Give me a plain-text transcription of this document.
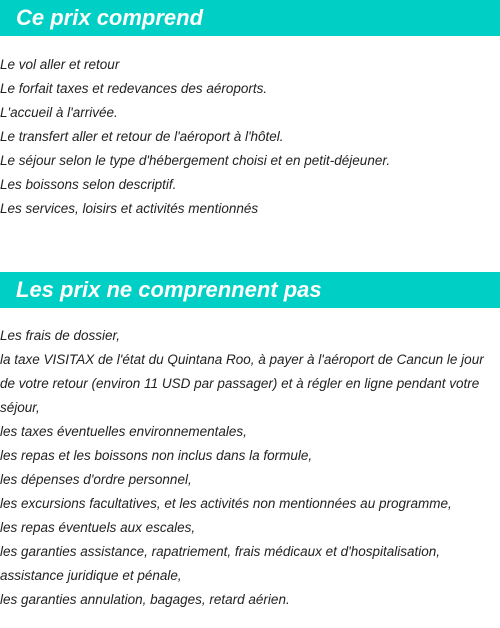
Ce prix comprend
Le vol aller et retour
Le forfait taxes et redevances des aéroports.
L'accueil à l'arrivée.
Le transfert aller et retour de l'aéroport à l'hôtel.
Le séjour selon le type d'hébergement choisi et en petit-déjeuner.
Les boissons selon descriptif.
Les services, loisirs et activités mentionnés
Les prix ne comprennent pas
Les frais de dossier,
la taxe VISITAX de l'état du Quintana Roo, à payer à l'aéroport de Cancun le jour de votre retour (environ 11 USD par passager) et à régler en ligne pendant votre séjour,
les taxes éventuelles environnementales,
les repas et les boissons non inclus dans la formule,
les dépenses d'ordre personnel,
les excursions facultatives, et les activités non mentionnées au programme,
les repas éventuels aux escales,
les garanties assistance, rapatriement, frais médicaux et d'hospitalisation, assistance juridique et pénale,
les garanties annulation, bagages, retard aérien.
